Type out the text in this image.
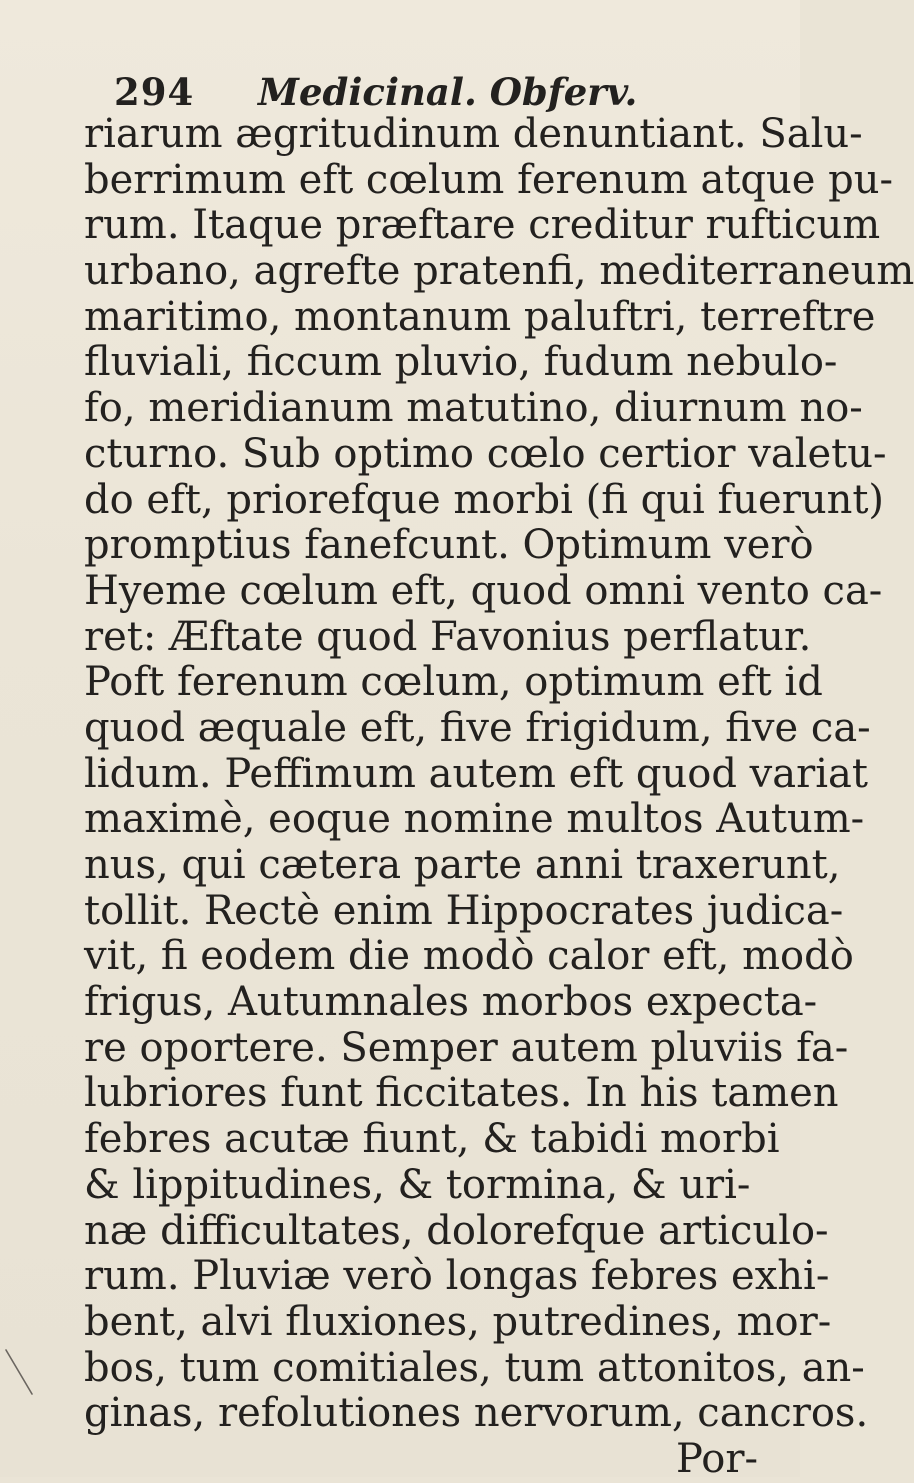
294 Medicinal. Obferv.
riarum ægritudinum denuntiant. Salu-
berrimum eft cœlum ferenum atque pu-
rum. Itaque præftare creditur rufticum
urbano, agrefte pratenfi, mediterraneum
maritimo, montanum paluftri, terreftre
fluviali, ficcum pluvio, fudum nebulo-
fo, meridianum matutino, diurnum no-
cturno. Sub optimo cœlo certior valetu-
do eft, priorefque morbi (fi qui fuerunt)
promptius fanefcunt. Optimum verò
Hyeme cœlum eft, quod omni vento ca-
ret: Æftate quod Favonius perflatur.
Poft ferenum cœlum, optimum eft id
quod æquale eft, five frigidum, five ca-
lidum. Peffimum autem eft quod variat
maximè, eoque nomine multos Autum-
nus, qui cætera parte anni traxerunt,
tollit. Rectè enim Hippocrates judica-
vit, fi eodem die modò calor eft, modò
frigus, Autumnales morbos expecta-
re oportere. Semper autem pluviis fa-
lubriores funt ficcitates. In his tamen
febres acutæ fiunt, & tabidi morbi
& lippitudines, & tormina, & uri-
næ difficultates, dolorefque articulo-
rum. Pluviæ verò longas febres exhi-
bent, alvi fluxiones, putredines, mor-
bos, tum comitiales, tum attonitos, an-
ginas, refolutiones nervorum, cancros.
Por-
